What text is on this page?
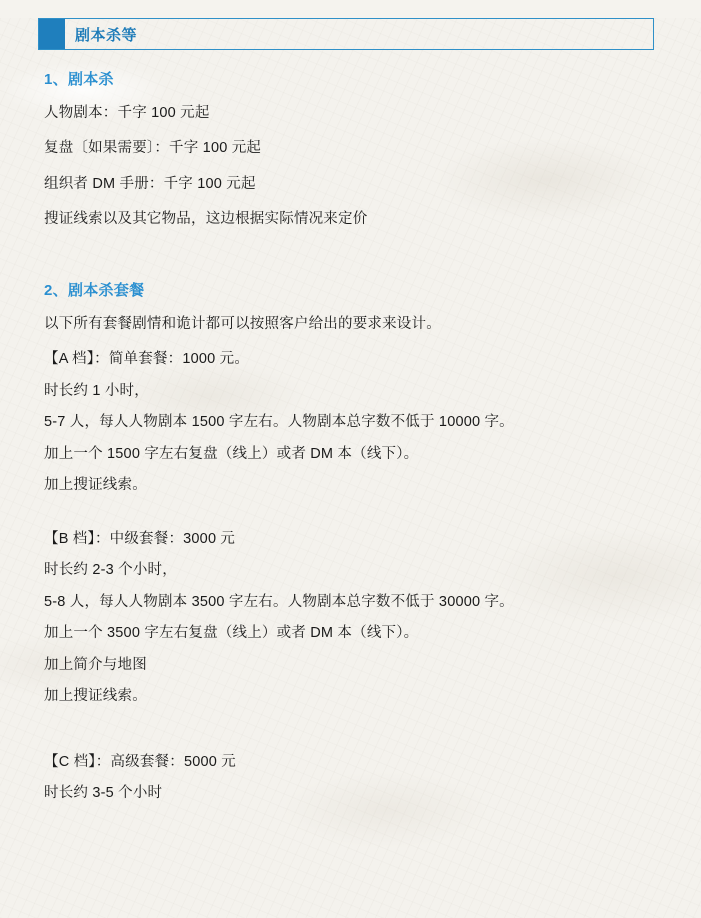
剧本杀等
1、剧本杀
人物剧本：千字 100 元起
复盘〔如果需要〕：千字 100 元起
组织者 DM 手册：千字 100 元起
搜证线索以及其它物品，这边根据实际情况来定价
2、剧本杀套餐
以下所有套餐剧情和诡计都可以按照客户给出的要求来设计。
【A 档】：简单套餐：1000 元。
时长约 1 小时，
5-7 人，每人人物剧本 1500 字左右。人物剧本总字数不低于 10000 字。
加上一个 1500 字左右复盘（线上）或者 DM 本（线下）。
加上搜证线索。
【B 档】：中级套餐：3000 元
时长约 2-3 个小时，
5-8 人，每人人物剧本 3500 字左右。人物剧本总字数不低于 30000 字。
加上一个 3500 字左右复盘（线上）或者 DM 本（线下）。
加上简介与地图
加上搜证线索。
【C 档】：高级套餐：5000 元
时长约 3-5 个小时
